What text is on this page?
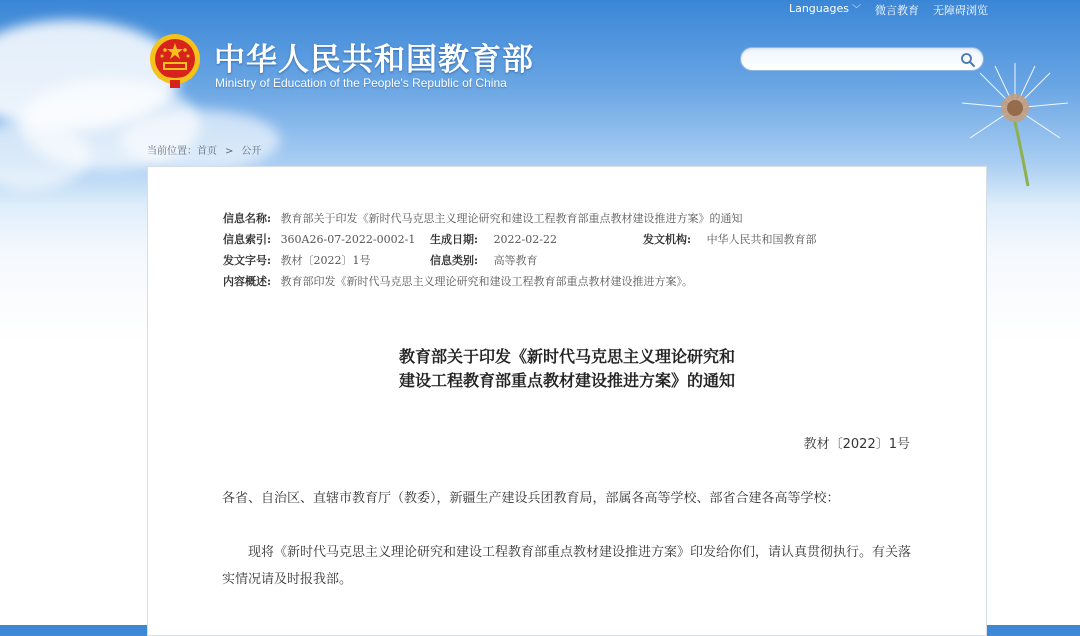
Languages ﹀ 微言教育 无障碍浏览
中华人民共和国教育部
Ministry of Education of the People's Republic of China
当前位置：首页 > 公开
信息名称: 教育部关于印发《新时代马克思主义理论研究和建设工程教育部重点教材建设推进方案》的通知
信息索引: 360A26-07-2022-0002-1 生成日期: 2022-02-22	发文机构: 中华人民共和国教育部
发文字号: 教材〔2022〕1号	信息类别: 高等教育
内容概述: 教育部印发《新时代马克思主义理论研究和建设工程教育部重点教材建设推进方案》。
教育部关于印发《新时代马克思主义理论研究和
建设工程教育部重点教材建设推进方案》的通知
教材〔2022〕1号

各省、自治区、直辖市教育厅（教委），新疆生产建设兵团教育局，部属各高等学校、部省合建各高等学校：

现将《新时代马克思主义理论研究和建设工程教育部重点教材建设推进方案》印发给你们，请认真贯彻执行。有关落实情况请及时报我部。
